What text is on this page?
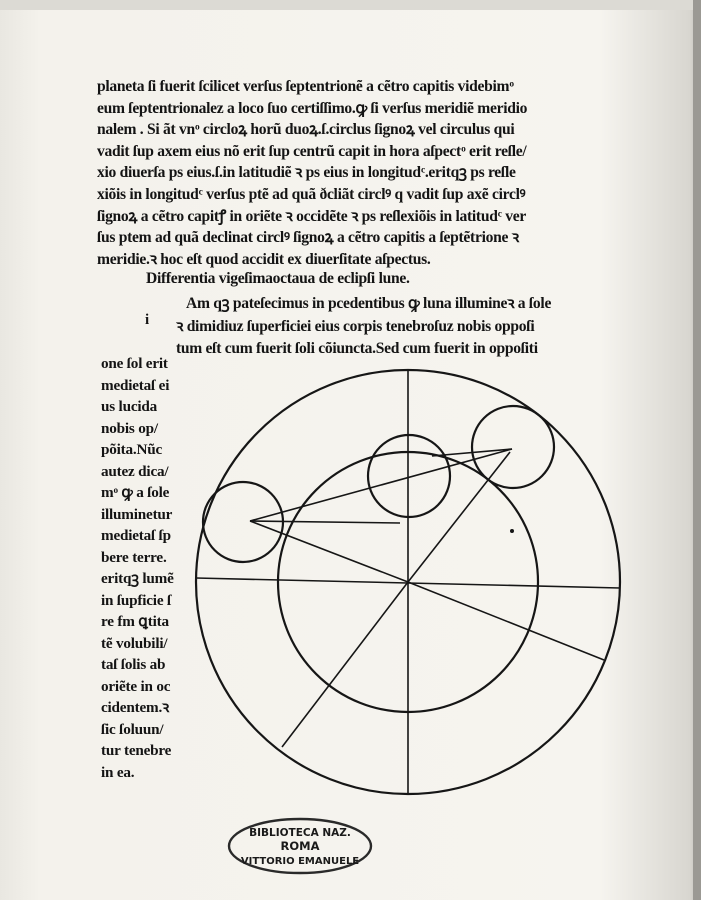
planeta ſi fuerit ſcilicet verſus ſeptentrionẽ a cẽtro capitis videbimͦ
eum ſeptentrionalez a loco ſuo certiſſimo.ꝙ ſi verſus meridiẽ meridio
nalem . Si ãt vnͦ circlоꝝ horũ duoꝝ.ſ.circlus ſignoꝝ vel circulus qui
vadit ſup axem eius nõ erit ſup centrũ capit in hora aſpectͦ erit reſle/
xio diuerſa ps eius.ſ.in latitudiẽ ꝛ ps eius in longitudͨ.eritqꝫ ps reſle
xiõis in longitudͨ verſus ptẽ ad quã ðcliãt circlꝰ q vadit ſup axẽ circlꝰ
ſignoꝝ a cẽtro capitꝭ in oriẽte ꝛ occidẽte ꝛ ps reſlexiõis in latitudͨ ver
ſus ptem ad quã declinat circlꝰ ſignoꝝ a cẽtro capitis a ſeptẽtrione ꝛ
meridie.ꝛ hoc eſt quod accidit ex diuerſitate aſpectus.
Differentia vigeſimaoctaua de eclipſi lune.
Am qꝫ pateſecimus in pcedentibus ꝙ luna illumineꝛ a ſole
ꝛ dimidiuz ſuperficiei eius corpis tenebroſuz nobis oppoſi
tum eſt cum fuerit ſoli cõiuncta.Sed cum fuerit in oppoſiti
i
one ſol erit
medietaſ ei
us lucida
nobis op/
põita.Nũc
autez dica/
mͦ ꝙ a ſole
illuminetur
medietaſ ſp
bere terre.
eritqꝫ lumẽ
in ſupficie ſ
re fm ꝗtita
tẽ volubili/
taſ ſolis ab
oriẽte in oc
cidentem.ꝛ
ſic ſoluun/
tur tenebre
in ea.
BIBLIOTECA NAZ.
ROMA
VITTORIO EMANUELE
